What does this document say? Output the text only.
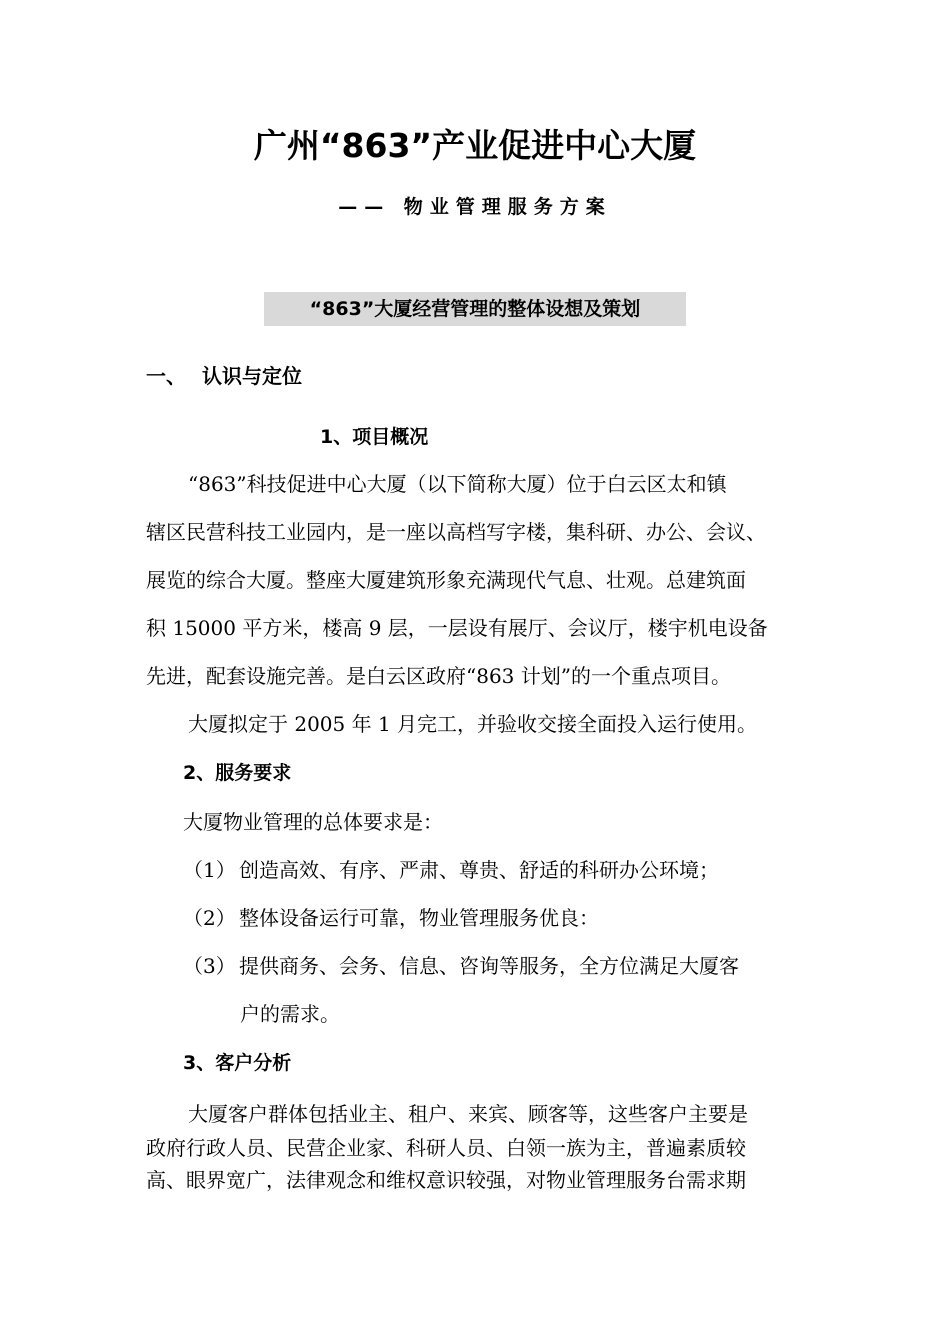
广州“863”产业促进中心大厦
—— 物业管理服务方案
“863”大厦经营管理的整体设想及策划
一、 认识与定位
1、项目概况
“863”科技促进中心大厦（以下简称大厦）位于白云区太和镇
辖区民营科技工业园内，是一座以高档写字楼，集科研、办公、会议、
展览的综合大厦。整座大厦建筑形象充满现代气息、壮观。总建筑面
积 15000 平方米，楼高 9 层，一层设有展厅、会议厅，楼宇机电设备
先进，配套设施完善。是白云区政府“863 计划”的一个重点项目。
大厦拟定于 2005 年 1 月完工，并验收交接全面投入运行使用。
2、服务要求
大厦物业管理的总体要求是：
（1） 创造高效、有序、严肃、尊贵、舒适的科研办公环境；
（2） 整体设备运行可靠，物业管理服务优良：
（3） 提供商务、会务、信息、咨询等服务，全方位满足大厦客
户的需求。
3、客户分析
大厦客户群体包括业主、租户、来宾、顾客等，这些客户主要是
政府行政人员、民营企业家、科研人员、白领一族为主，普遍素质较
高、眼界宽广，法律观念和维权意识较强，对物业管理服务台需求期
